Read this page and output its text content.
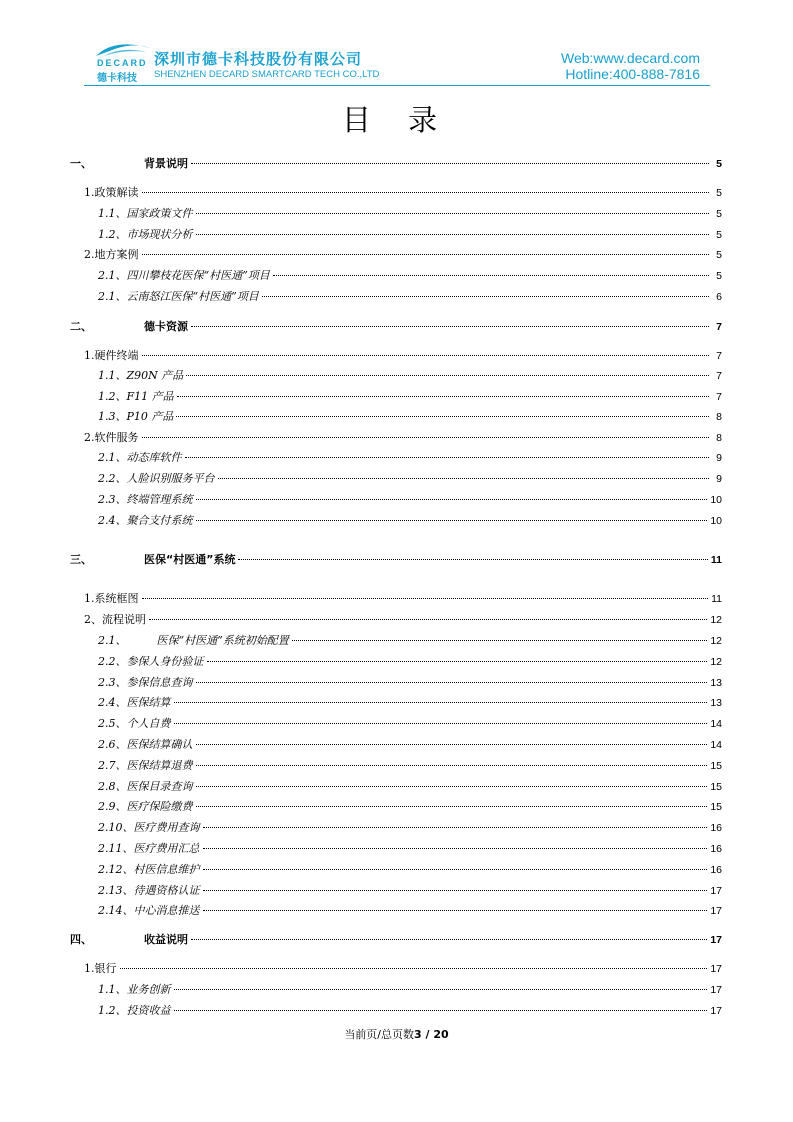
DECARD
德卡科技
深圳市德卡科技股份有限公司
SHENZHEN DECARD SMARTCARD TECH CO.,LTD
Web:www.decard.com
Hotline:400-888-7816
目 录
一、	背景说明	5
1. 政策解读	5
1.1 、国家政策文件	5
1.2 、市场现状分析	5
2. 地方案例	5
2.1 、四川攀枝花医保“村医通”项目	5
2.1 、云南怒江医保“村医通”项目	6
二、	德卡资源	7
1. 硬件终端	7
1.1 、Z90N 产品	7
1.2 、F11 产品	7
1.3 、P10 产品	8
2. 软件服务	8
2.1 、动态库软件	9
2.2 、人脸识别服务平台	9
2.3 、终端管理系统	10
2.4 、聚合支付系统	10
三、	医保“村医通”系统	11
1. 系统框图	11
2 、流程说明	12
2.1 、	医保“村医通”系统初始配置	12
2.2 、参保人身份验证	12
2.3 、参保信息查询	13
2.4 、医保结算	13
2.5 、个人自费	14
2.6 、医保结算确认	14
2.7 、医保结算退费	15
2.8 、医保目录查询	15
2.9 、医疗保险缴费	15
2.10 、医疗费用查询	16
2.11 、医疗费用汇总	16
2.12 、村医信息维护	16
2.13 、待遇资格认证	17
2.14 、中心消息推送	17
四、	收益说明	17
1. 银行	17
1.1 、业务创新	17
1.2 、投资收益	17
当前页/总页数3 / 20
